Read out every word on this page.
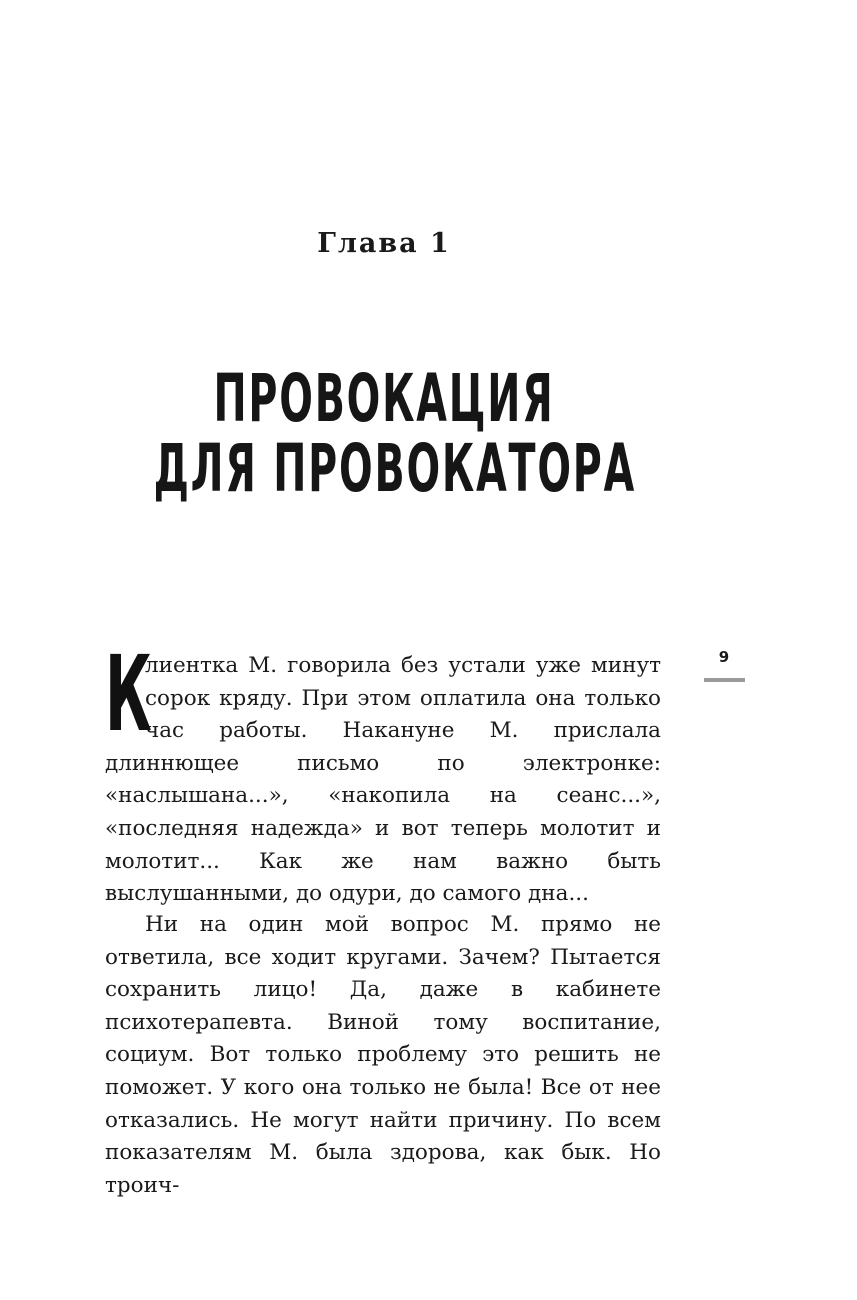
Глава 1
ПРОВОКАЦИЯ
ДЛЯ ПРОВОКАТОРА
9

К
лиентка М. говорила без устали уже минут сорок кряду. При этом оплатила она только час работы. Накануне М. прислала длиннющее письмо по электронке: «наслышана...», «накопила на сеанс...», «последняя надежда» и вот теперь молотит и молотит... Как же нам важно быть выслушанными, до одури, до самого дна...

Ни на один мой вопрос М. прямо не ответила, все ходит кругами. Зачем? Пытается сохранить лицо! Да, даже в кабинете психотерапевта. Виной тому воспитание, социум. Вот только проблему это решить не поможет. У кого она только не была! Все от нее отказались. Не могут найти причину. По всем показателям М. была здорова, как бык. Но троич-
